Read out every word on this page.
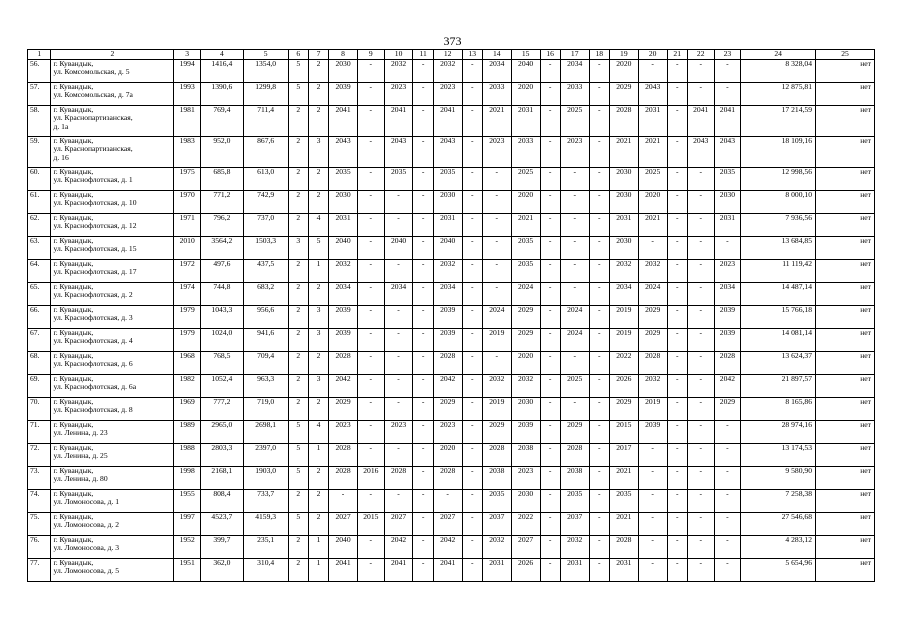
373
1	2	3	4	5	6	7	8	9	10	11	12	13	14	15	16	17	18	19	20	21	22	23	24	25
56.	г. Кувандык,
ул. Комсомольская, д. 5	1994	1416,4	1354,0	5	2	2030	-	2032	-	2032	-	2034	2040	-	2034	-	2020	-	-	-	-	8 328,04	нет
57.	г. Кувандык,
ул. Комсомольская, д. 7а	1993	1390,6	1299,8	5	2	2039	-	2023	-	2023	-	2033	2020	-	2033	-	2029	2043	-	-	-	12 875,81	нет
58.	г. Кувандык,
ул. Краснопартизанская,
д. 1а	1981	769,4	711,4	2	2	2041	-	2041	-	2041	-	2021	2031	-	2025	-	2028	2031	-	2041	2041	17 214,59	нет
59.	г. Кувандык,
ул. Краснопартизанская,
д. 16	1983	952,0	867,6	2	3	2043	-	2043	-	2043	-	2023	2033	-	2023	-	2021	2021	-	2043	2043	18 109,16	нет
60.	г. Кувандык,
ул. Краснофлотская, д. 1	1975	685,8	613,0	2	2	2035	-	2035	-	2035	-	-	2025	-	-	-	2030	2025	-	-	2035	12 998,56	нет
61.	г. Кувандык,
ул. Краснофлотская, д. 10	1970	771,2	742,9	2	2	2030	-	-	-	2030	-	-	2020	-	-	-	2030	2020	-	-	2030	8 000,10	нет
62.	г. Кувандык,
ул. Краснофлотская, д. 12	1971	796,2	737,0	2	4	2031	-	-	-	2031	-	-	2021	-	-	-	2031	2021	-	-	2031	7 936,56	нет
63.	г. Кувандык,
ул. Краснофлотская, д. 15	2010	3564,2	1503,3	3	5	2040	-	2040	-	2040	-	-	2035	-	-	-	2030	-	-	-	-	13 684,85	нет
64.	г. Кувандык,
ул. Краснофлотская, д. 17	1972	497,6	437,5	2	1	2032	-	-	-	2032	-	-	2035	-	-	-	2032	2032	-	-	2023	11 119,42	нет
65.	г. Кувандык,
ул. Краснофлотская, д. 2	1974	744,8	683,2	2	2	2034	-	2034	-	2034	-	-	2024	-	-	-	2034	2024	-	-	2034	14 487,14	нет
66.	г. Кувандык,
ул. Краснофлотская, д. 3	1979	1043,3	956,6	2	3	2039	-	-	-	2039	-	2024	2029	-	2024	-	2019	2029	-	-	2039	15 766,18	нет
67.	г. Кувандык,
ул. Краснофлотская, д. 4	1979	1024,0	941,6	2	3	2039	-	-	-	2039	-	2019	2029	-	2024	-	2019	2029	-	-	2039	14 081,14	нет
68.	г. Кувандык,
ул. Краснофлотская, д. 6	1968	768,5	709,4	2	2	2028	-	-	-	2028	-	-	2020	-	-	-	2022	2028	-	-	2028	13 624,37	нет
69.	г. Кувандык,
ул. Краснофлотская, д. 6а	1982	1052,4	963,3	2	3	2042	-	-	-	2042	-	2032	2032	-	2025	-	2026	2032	-	-	2042	21 897,57	нет
70.	г. Кувандык,
ул. Краснофлотская, д. 8	1969	777,2	719,0	2	2	2029	-	-	-	2029	-	2019	2030	-	-	-	2029	2019	-	-	2029	8 165,86	нет
71.	г. Кувандык,
ул. Ленина, д. 23	1989	2965,0	2698,1	5	4	2023	-	2023	-	2023	-	2029	2039	-	2029	-	2015	2039	-	-	-	28 974,16	нет
72.	г. Кувандык,
ул. Ленина, д. 25	1988	2803,3	2397,0	5	1	2028	-	-	-	2020	-	2028	2038	-	2028	-	2017	-	-	-	-	13 174,53	нет
73.	г. Кувандык,
ул. Ленина, д. 80	1998	2168,1	1903,0	5	2	2028	2016	2028	-	2028	-	2038	2023	-	2038	-	2021	-	-	-	-	9 580,90	нет
74.	г. Кувандык,
ул. Ломоносова, д. 1	1955	808,4	733,7	2	2	-	-	-	-	-	-	2035	2030	-	2035	-	2035	-	-	-	-	7 258,38	нет
75.	г. Кувандык,
ул. Ломоносова, д. 2	1997	4523,7	4159,3	5	2	2027	2015	2027	-	2027	-	2037	2022	-	2037	-	2021	-	-	-	-	27 546,68	нет
76.	г. Кувандык,
ул. Ломоносова, д. 3	1952	399,7	235,1	2	1	2040	-	2042	-	2042	-	2032	2027	-	2032	-	2028	-	-	-	-	4 283,12	нет
77.	г. Кувандык,
ул. Ломоносова, д. 5	1951	362,0	310,4	2	1	2041	-	2041	-	2041	-	2031	2026	-	2031	-	2031	-	-	-	-	5 654,96	нет
